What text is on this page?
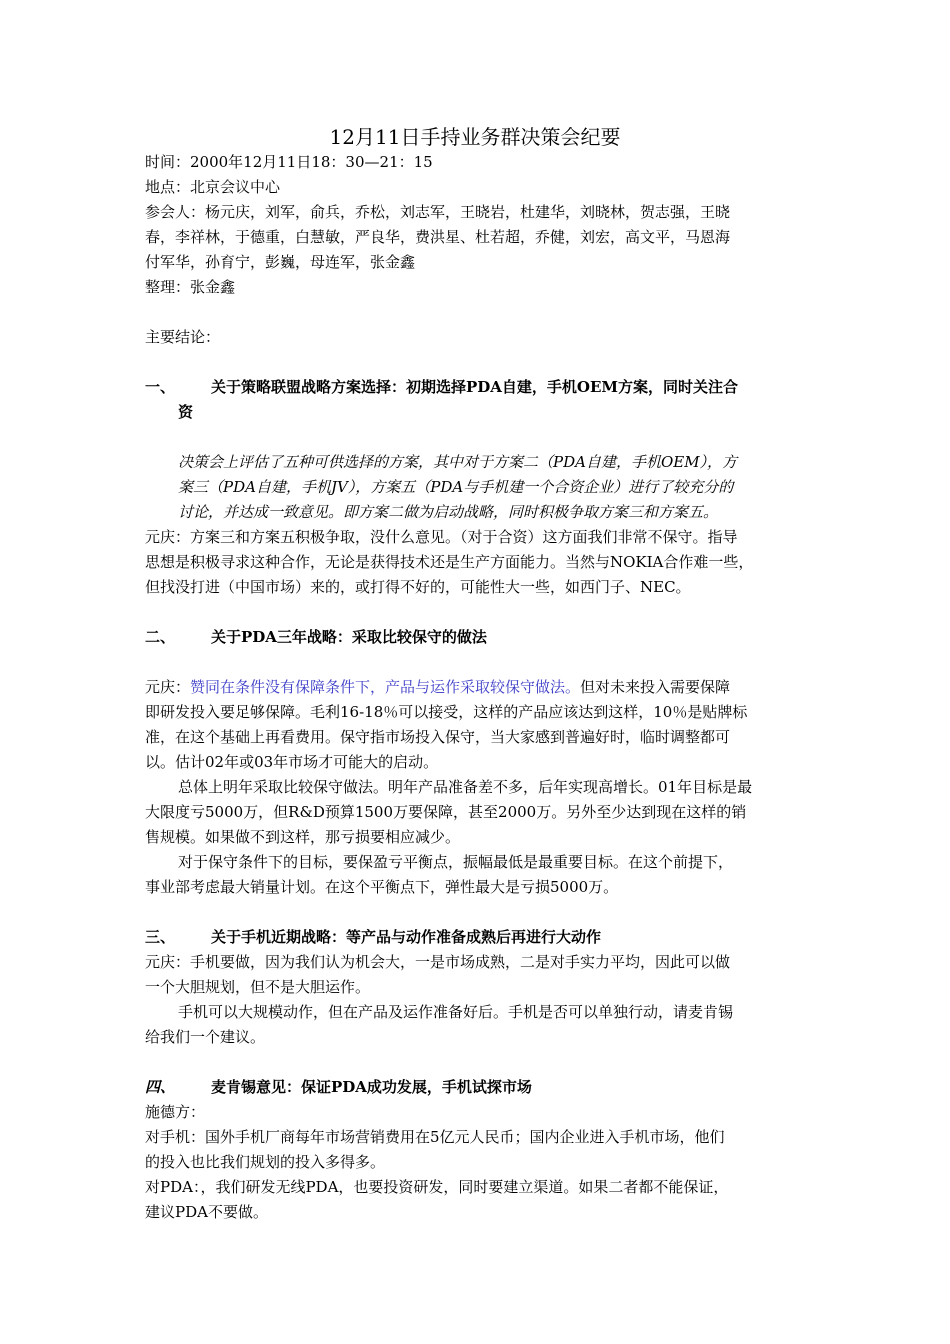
12月11日手持业务群决策会纪要
时间：2000年12月11日18：30—21：15
地点：北京会议中心
参会人：杨元庆，刘军，俞兵，乔松，刘志军，王晓岩，杜建华，刘晓林，贺志强，王晓
春，李祥林，于德重，白慧敏，严良华，费洪星、杜若超，乔健，刘宏，高文平，马恩海
付军华，孙育宁，彭巍，母连军，张金鑫
整理：张金鑫
主要结论：
一、 关于策略联盟战略方案选择：初期选择PDA自建，手机OEM方案，同时关注合
资
决策会上评估了五种可供选择的方案，其中对于方案二（PDA自建，手机OEM），方
案三（PDA自建，手机JV），方案五（PDA与手机建一个合资企业）进行了较充分的
讨论，并达成一致意见。即方案二做为启动战略，同时积极争取方案三和方案五。
元庆：方案三和方案五积极争取，没什么意见。（对于合资）这方面我们非常不保守。指导
思想是积极寻求这种合作，无论是获得技术还是生产方面能力。当然与NOKIA合作难一些，
但找没打进（中国市场）来的，或打得不好的，可能性大一些，如西门子、NEC。
二、 关于PDA三年战略：采取比较保守的做法
元庆：赞同在条件没有保障条件下，产品与运作采取较保守做法。但对未来投入需要保障
即研发投入要足够保障。毛利16-18％可以接受，这样的产品应该达到这样，10％是贴牌标
准，在这个基础上再看费用。保守指市场投入保守，当大家感到普遍好时，临时调整都可
以。估计02年或03年市场才可能大的启动。
总体上明年采取比较保守做法。明年产品准备差不多，后年实现高增长。01年目标是最
大限度亏5000万，但R&D预算1500万要保障，甚至2000万。另外至少达到现在这样的销
售规模。如果做不到这样，那亏损要相应减少。
对于保守条件下的目标，要保盈亏平衡点，振幅最低是最重要目标。在这个前提下，
事业部考虑最大销量计划。在这个平衡点下，弹性最大是亏损5000万。
三、 关于手机近期战略：等产品与动作准备成熟后再进行大动作
元庆：手机要做，因为我们认为机会大，一是市场成熟，二是对手实力平均，因此可以做
一个大胆规划，但不是大胆运作。
手机可以大规模动作，但在产品及运作准备好后。手机是否可以单独行动，请麦肯锡
给我们一个建议。
四、 麦肯锡意见：保证PDA成功发展，手机试探市场
施德方：
对手机：国外手机厂商每年市场营销费用在5亿元人民币；国内企业进入手机市场，他们
的投入也比我们规划的投入多得多。
对PDA：，我们研发无线PDA，也要投资研发，同时要建立渠道。如果二者都不能保证，
建议PDA不要做。
